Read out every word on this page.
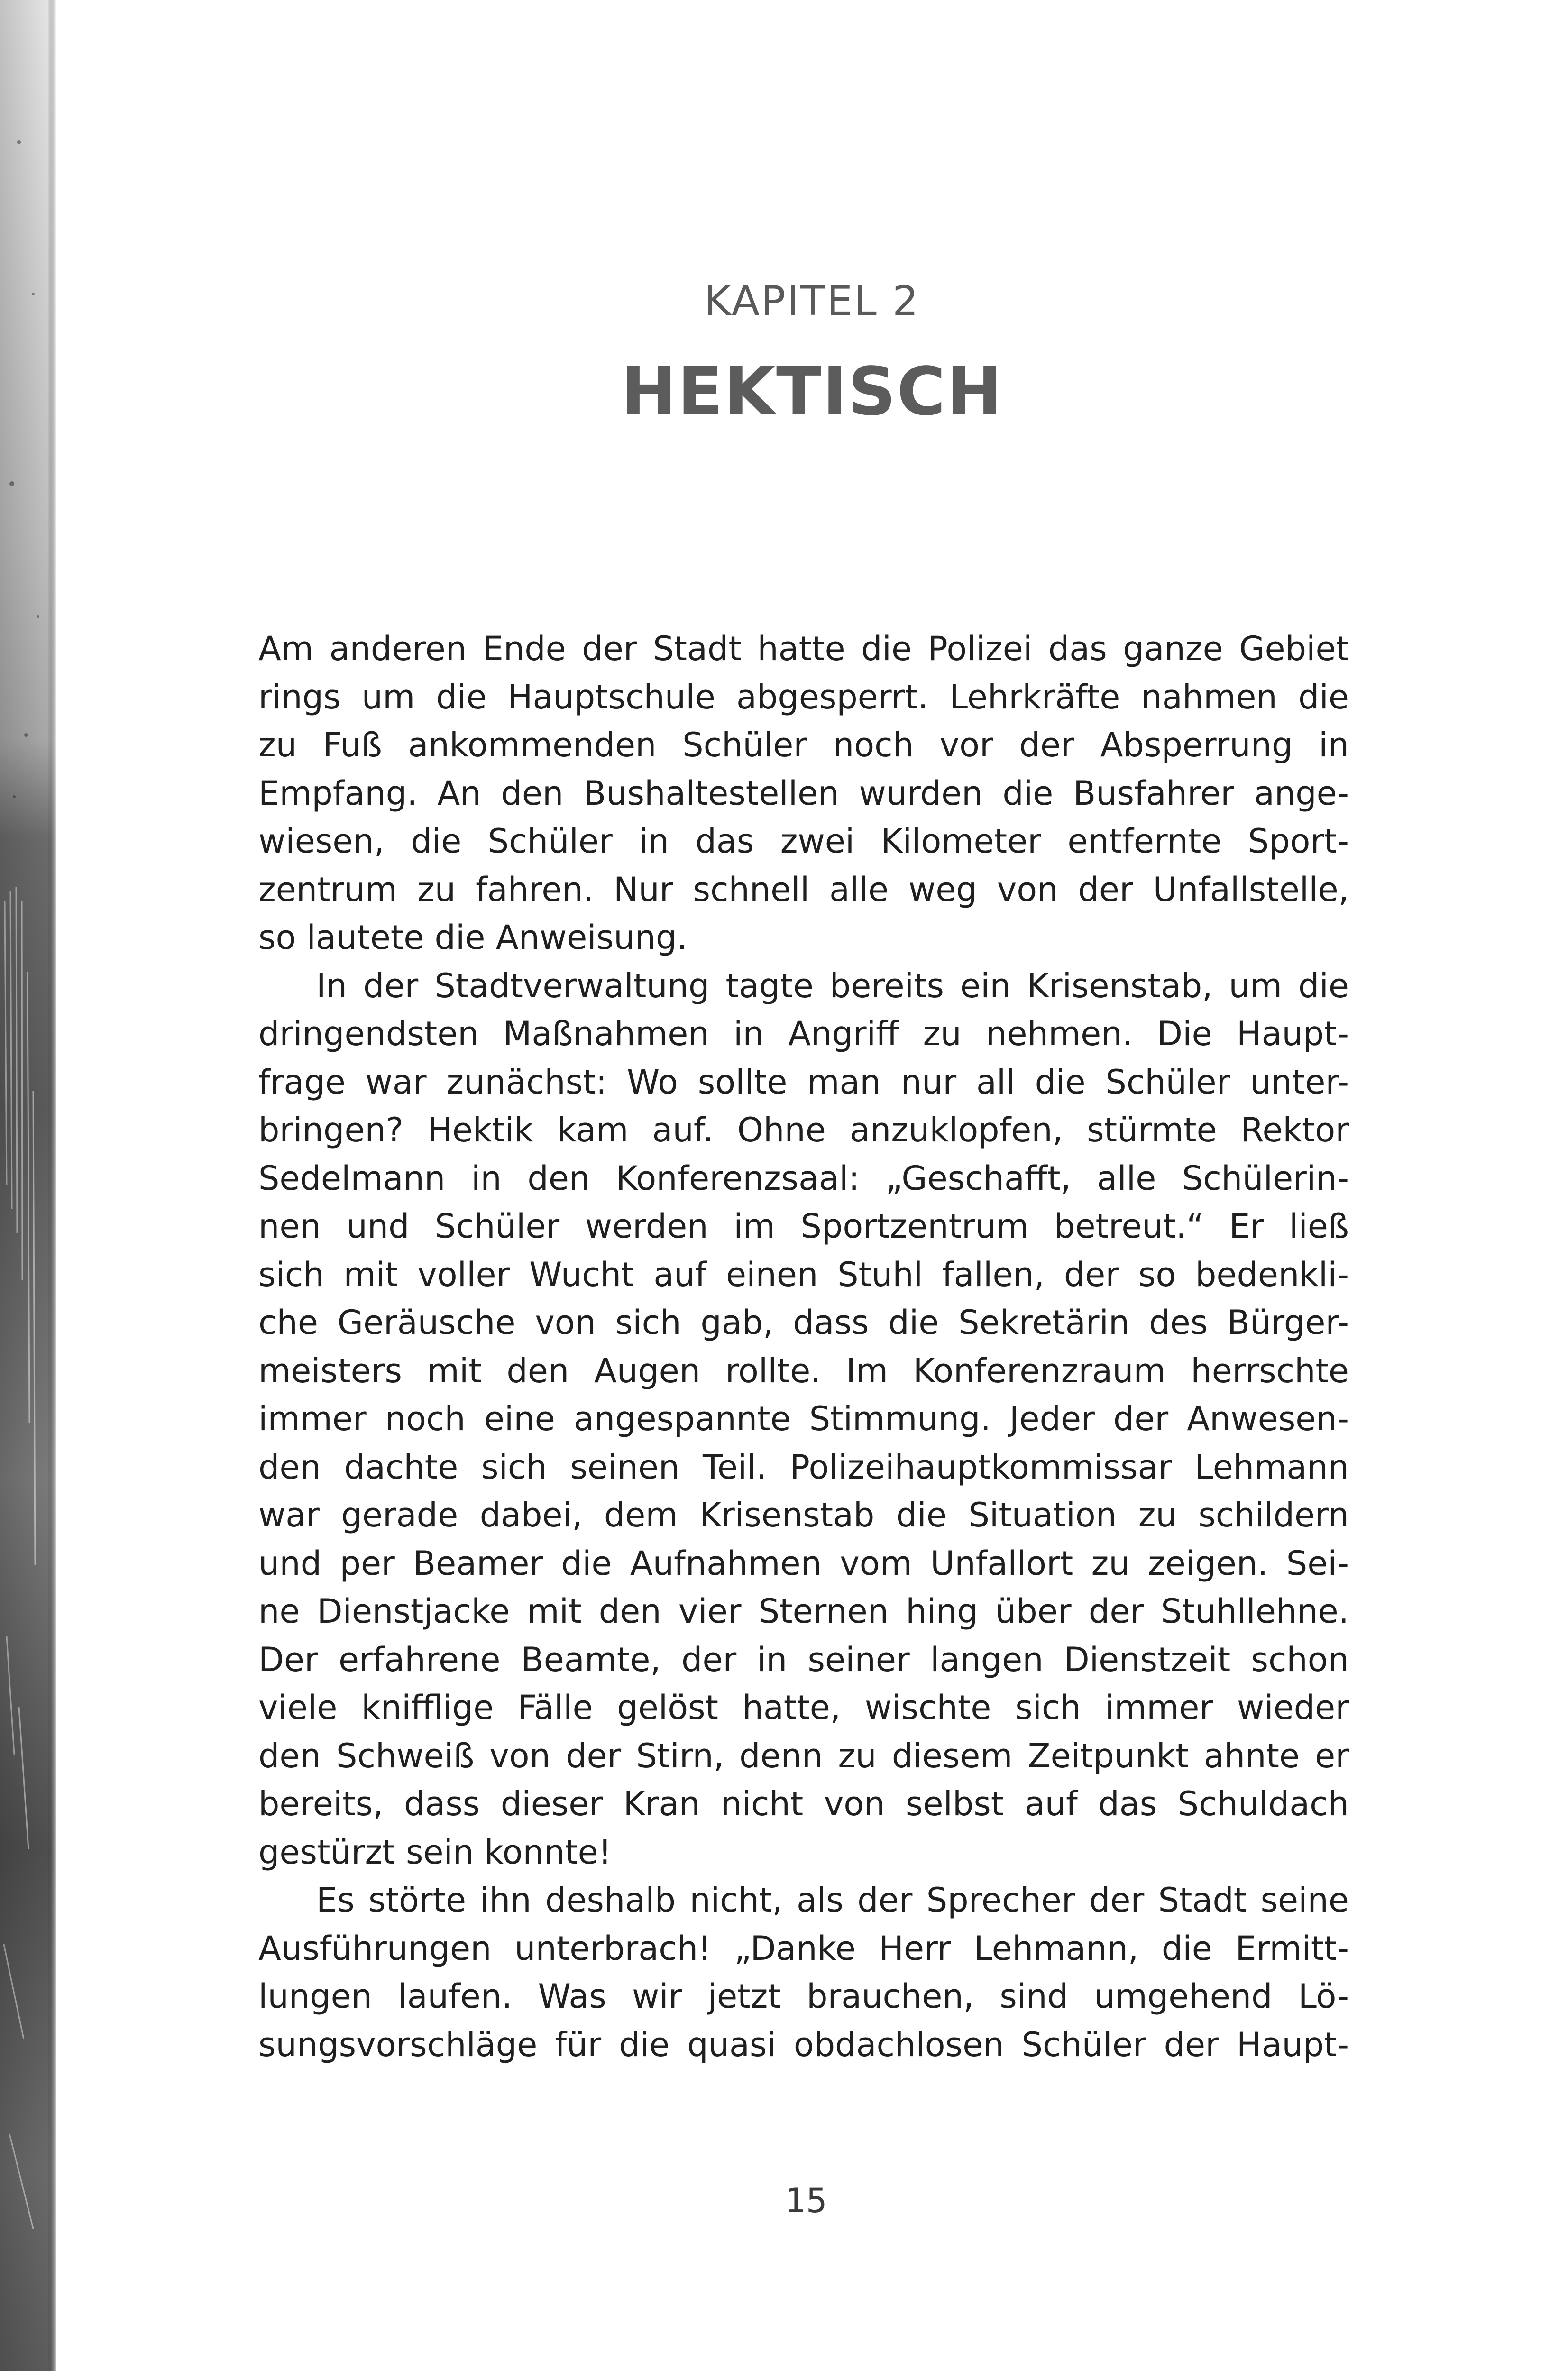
KAPITEL 2
HEKTISCH

Am anderen Ende der Stadt hatte die Polizei das ganze Gebiet
rings um die Hauptschule abgesperrt. Lehrkräfte nahmen die
zu Fuß ankommenden Schüler noch vor der Absperrung in
Empfang. An den Bushaltestellen wurden die Busfahrer ange-
wiesen, die Schüler in das zwei Kilometer entfernte Sport-
zentrum zu fahren. Nur schnell alle weg von der Unfallstelle,
so lautete die Anweisung.

In der Stadtverwaltung tagte bereits ein Krisenstab, um die
dringendsten Maßnahmen in Angriff zu nehmen. Die Haupt-
frage war zunächst: Wo sollte man nur all die Schüler unter-
bringen? Hektik kam auf. Ohne anzuklopfen, stürmte Rektor
Sedelmann in den Konferenzsaal: „Geschafft, alle Schülerin-
nen und Schüler werden im Sportzentrum betreut.“ Er ließ
sich mit voller Wucht auf einen Stuhl fallen, der so bedenkli-
che Geräusche von sich gab, dass die Sekretärin des Bürger-
meisters mit den Augen rollte. Im Konferenzraum herrschte
immer noch eine angespannte Stimmung. Jeder der Anwesen-
den dachte sich seinen Teil. Polizeihauptkommissar Lehmann
war gerade dabei, dem Krisenstab die Situation zu schildern
und per Beamer die Aufnahmen vom Unfallort zu zeigen. Sei-
ne Dienstjacke mit den vier Sternen hing über der Stuhllehne.
Der erfahrene Beamte, der in seiner langen Dienstzeit schon
viele knifflige Fälle gelöst hatte, wischte sich immer wieder
den Schweiß von der Stirn, denn zu diesem Zeitpunkt ahnte er
bereits, dass dieser Kran nicht von selbst auf das Schuldach
gestürzt sein konnte!

Es störte ihn deshalb nicht, als der Sprecher der Stadt seine
Ausführungen unterbrach! „Danke Herr Lehmann, die Ermitt-
lungen laufen. Was wir jetzt brauchen, sind umgehend Lö-
sungsvorschläge für die quasi obdachlosen Schüler der Haupt-

15
